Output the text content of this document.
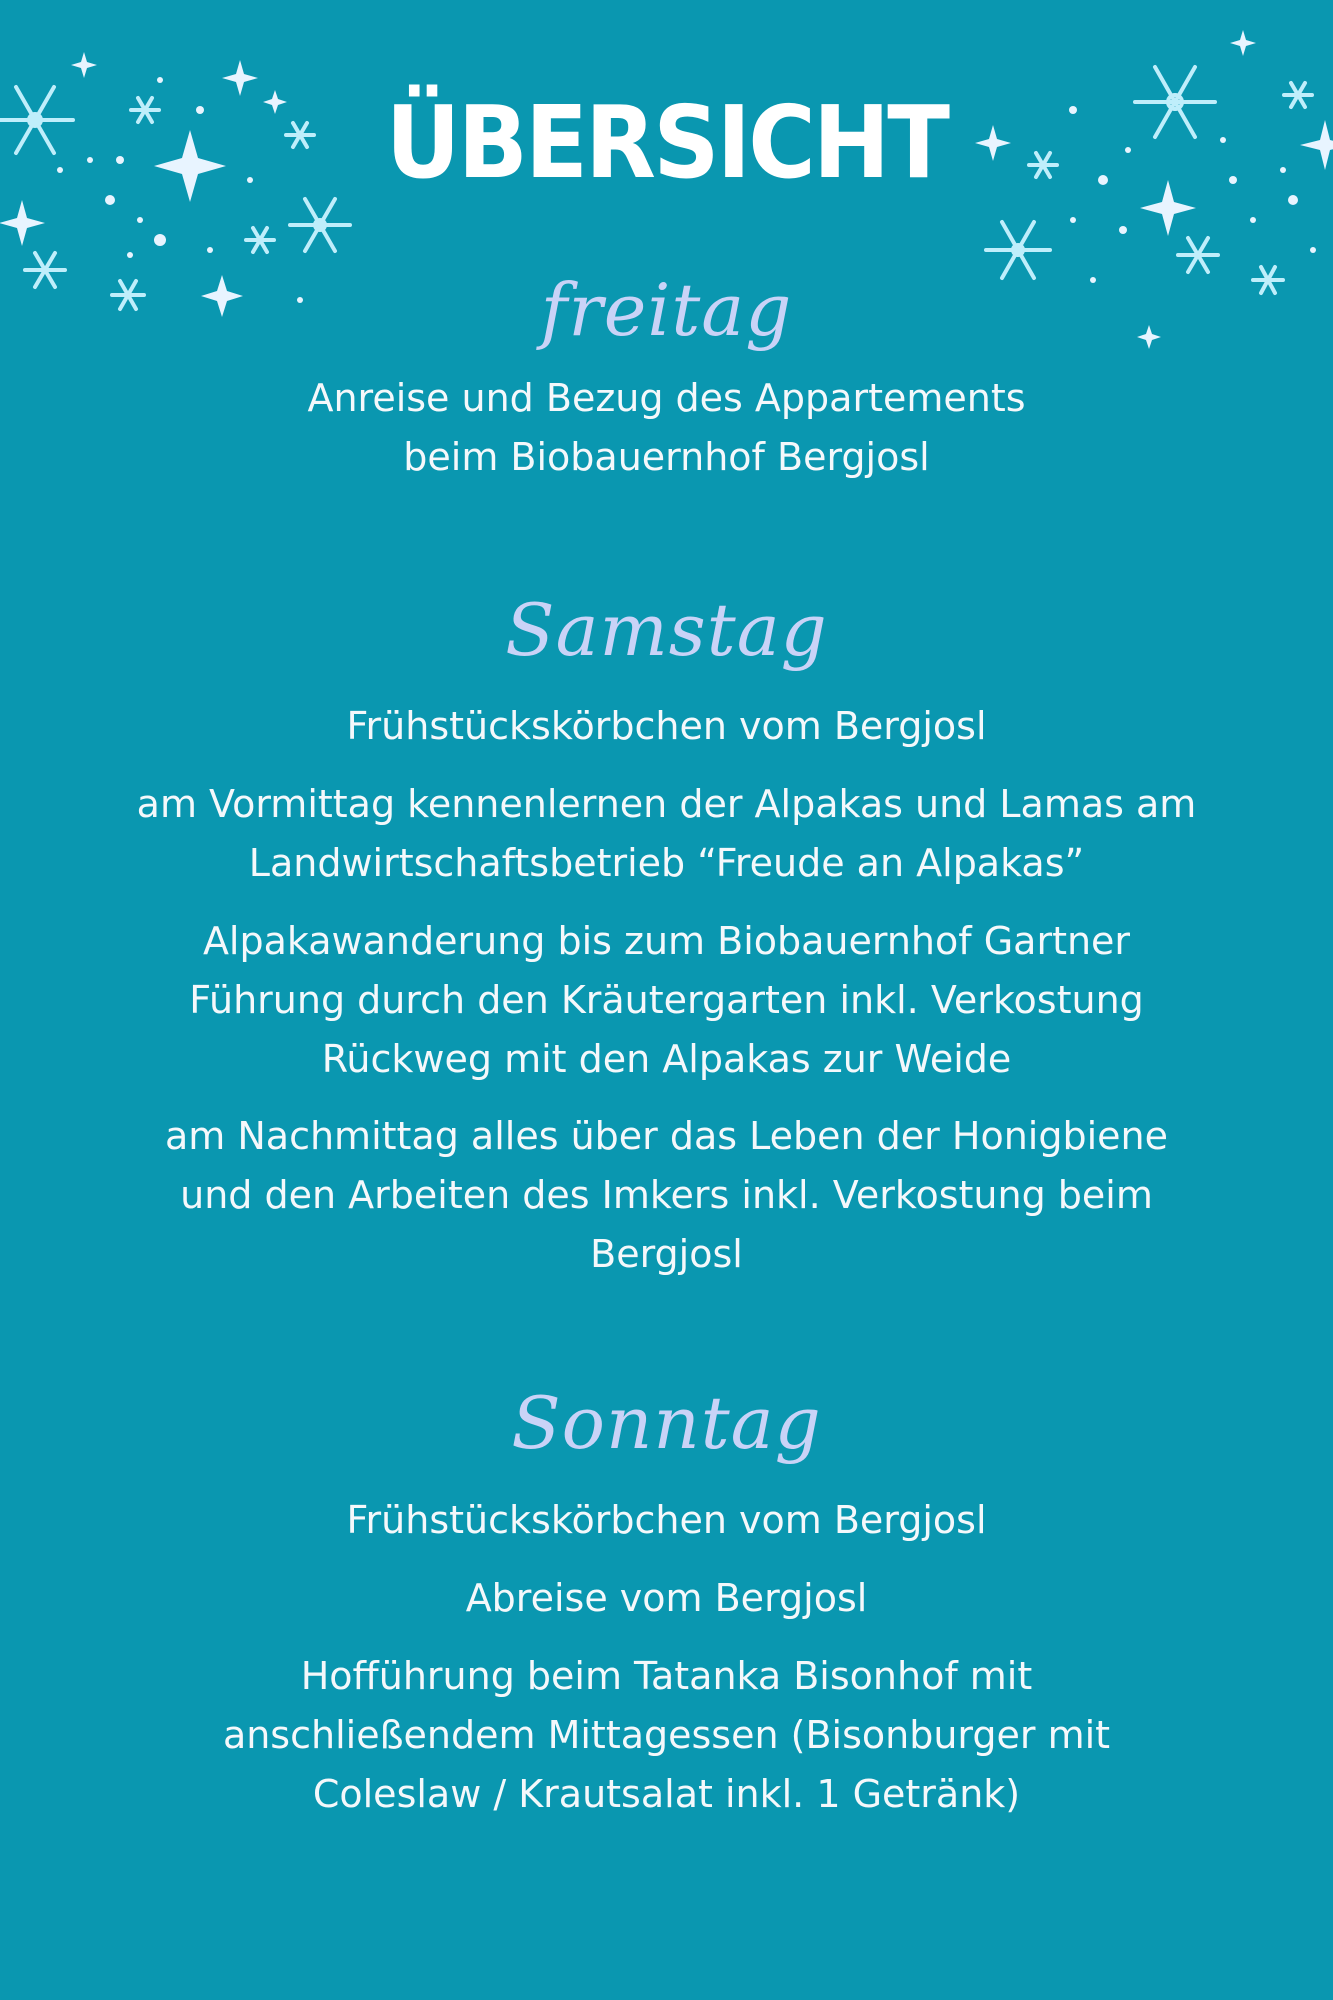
ÜBERSICHT
freitag

Anreise und Bezug des Appartements
beim Biobauernhof Bergjosl

Samstag

Frühstückskörbchen vom Bergjosl

am Vormittag kennenlernen der Alpakas und Lamas am
Landwirtschaftsbetrieb “Freude an Alpakas”

Alpakawanderung bis zum Biobauernhof Gartner
Führung durch den Kräutergarten inkl. Verkostung
Rückweg mit den Alpakas zur Weide

am Nachmittag alles über das Leben der Honigbiene
und den Arbeiten des Imkers inkl. Verkostung beim
Bergjosl

Sonntag

Frühstückskörbchen vom Bergjosl

Abreise vom Bergjosl

Hofführung beim Tatanka Bisonhof mit
anschließendem Mittagessen (Bisonburger mit
Coleslaw / Krautsalat inkl. 1 Getränk)
